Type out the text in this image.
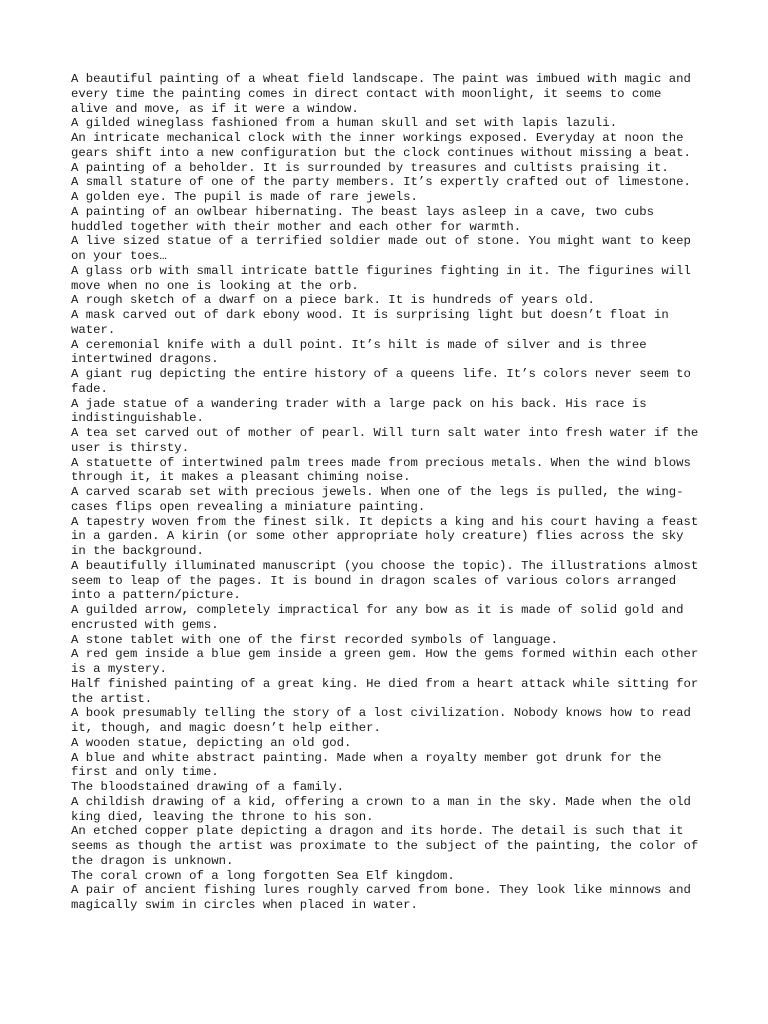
A beautiful painting of a wheat field landscape. The paint was imbued with magic and every time the painting comes in direct contact with moonlight, it seems to come alive and move, as if it were a window.
A gilded wineglass fashioned from a human skull and set with lapis lazuli.
An intricate mechanical clock with the inner workings exposed. Everyday at noon the gears shift into a new configuration but the clock continues without missing a beat.
A painting of a beholder. It is surrounded by treasures and cultists praising it.
A small stature of one of the party members. It’s expertly crafted out of limestone.
A golden eye. The pupil is made of rare jewels.
A painting of an owlbear hibernating. The beast lays asleep in a cave, two cubs huddled together with their mother and each other for warmth.
A live sized statue of a terrified soldier made out of stone. You might want to keep on your toes…
A glass orb with small intricate battle figurines fighting in it. The figurines will move when no one is looking at the orb.
A rough sketch of a dwarf on a piece bark. It is hundreds of years old.
A mask carved out of dark ebony wood. It is surprising light but doesn’t float in water.
A ceremonial knife with a dull point. It’s hilt is made of silver and is three intertwined dragons.
A giant rug depicting the entire history of a queens life. It’s colors never seem to fade.
A jade statue of a wandering trader with a large pack on his back. His race is indistinguishable.
A tea set carved out of mother of pearl. Will turn salt water into fresh water if the user is thirsty.
A statuette of intertwined palm trees made from precious metals. When the wind blows through it, it makes a pleasant chiming noise.
A carved scarab set with precious jewels. When one of the legs is pulled, the wing-cases flips open revealing a miniature painting.
A tapestry woven from the finest silk. It depicts a king and his court having a feast in a garden. A kirin (or some other appropriate holy creature) flies across the sky in the background.
A beautifully illuminated manuscript (you choose the topic). The illustrations almost seem to leap of the pages. It is bound in dragon scales of various colors arranged into a pattern/picture.
A guilded arrow, completely impractical for any bow as it is made of solid gold and encrusted with gems.
A stone tablet with one of the first recorded symbols of language.
A red gem inside a blue gem inside a green gem. How the gems formed within each other is a mystery.
Half finished painting of a great king. He died from a heart attack while sitting for the artist.
A book presumably telling the story of a lost civilization. Nobody knows how to read it, though, and magic doesn’t help either.
A wooden statue, depicting an old god.
A blue and white abstract painting. Made when a royalty member got drunk for the first and only time.
The bloodstained drawing of a family.
A childish drawing of a kid, offering a crown to a man in the sky. Made when the old king died, leaving the throne to his son.
An etched copper plate depicting a dragon and its horde. The detail is such that it seems as though the artist was proximate to the subject of the painting, the color of the dragon is unknown.
The coral crown of a long forgotten Sea Elf kingdom.
A pair of ancient fishing lures roughly carved from bone. They look like minnows and magically swim in circles when placed in water.
